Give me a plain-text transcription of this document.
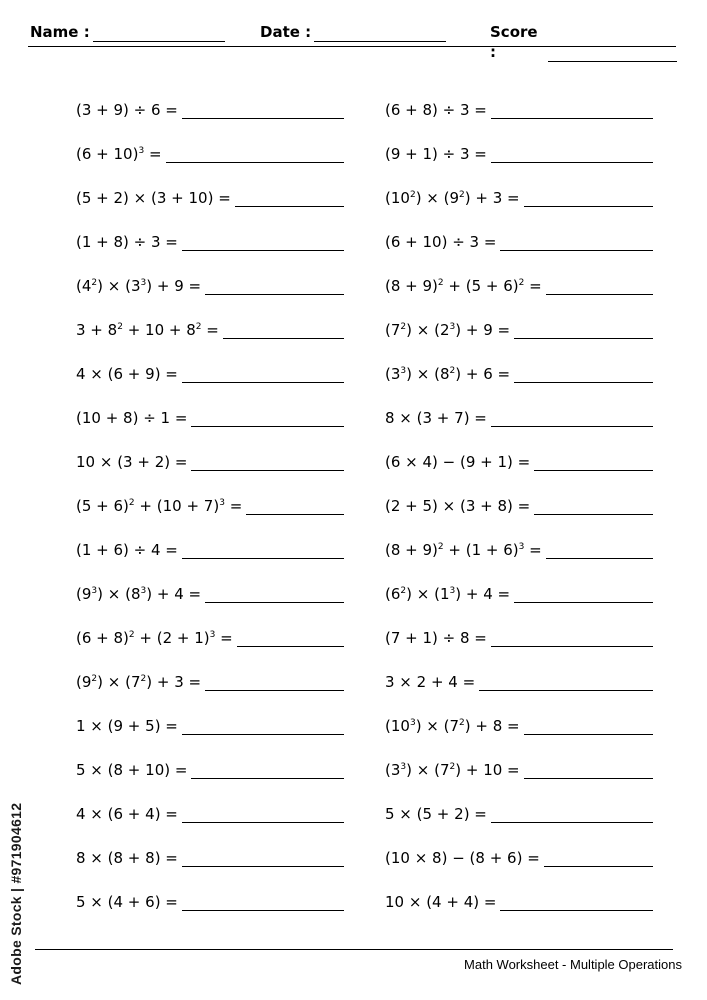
Name :	Date :	Score :
(3 + 9) ÷ 6 =
$(6 + 10)^3$ =
(5 + 2) × (3 + 10) =
(1 + 8) ÷ 3 =
$(4^2) \times (3^3) + 9$ =
$3 + 8^2 + 10 + 8^2$ =
4 × (6 + 9) =
(10 + 8) ÷ 1 =
10 × (3 + 2) =
$(5 + 6)^2 + (10 + 7)^3$ =
(1 + 6) ÷ 4 =
$(9^3) \times (8^3) + 4$ =
$(6 + 8)^2 + (2 + 1)^3$ =
$(9^2) \times (7^2) + 3$ =
1 × (9 + 5) =
5 × (8 + 10) =
4 × (6 + 4) =
8 × (8 + 8) =
5 × (4 + 6) =
(6 + 8) ÷ 3 =
(9 + 1) ÷ 3 =
$(10^2) \times (9^2) + 3$ =
(6 + 10) ÷ 3 =
$(8 + 9)^2 + (5 + 6)^2$ =
$(7^2) \times (2^3) + 9$ =
$(3^3) \times (8^2) + 6$ =
8 × (3 + 7) =
(6 × 4) − (9 + 1) =
(2 + 5) × (3 + 8) =
$(8 + 9)^2 + (1 + 6)^3$ =
$(6^2) \times (1^3) + 4$ =
(7 + 1) ÷ 8 =
3 × 2 + 4 =
$(10^3) \times (7^2) + 8$ =
$(3^3) \times (7^2) + 10$ =
5 × (5 + 2) =
(10 × 8) − (8 + 6) =
10 × (4 + 4) =
Math Worksheet - Multiple Operations
Adobe Stock | #971904612
